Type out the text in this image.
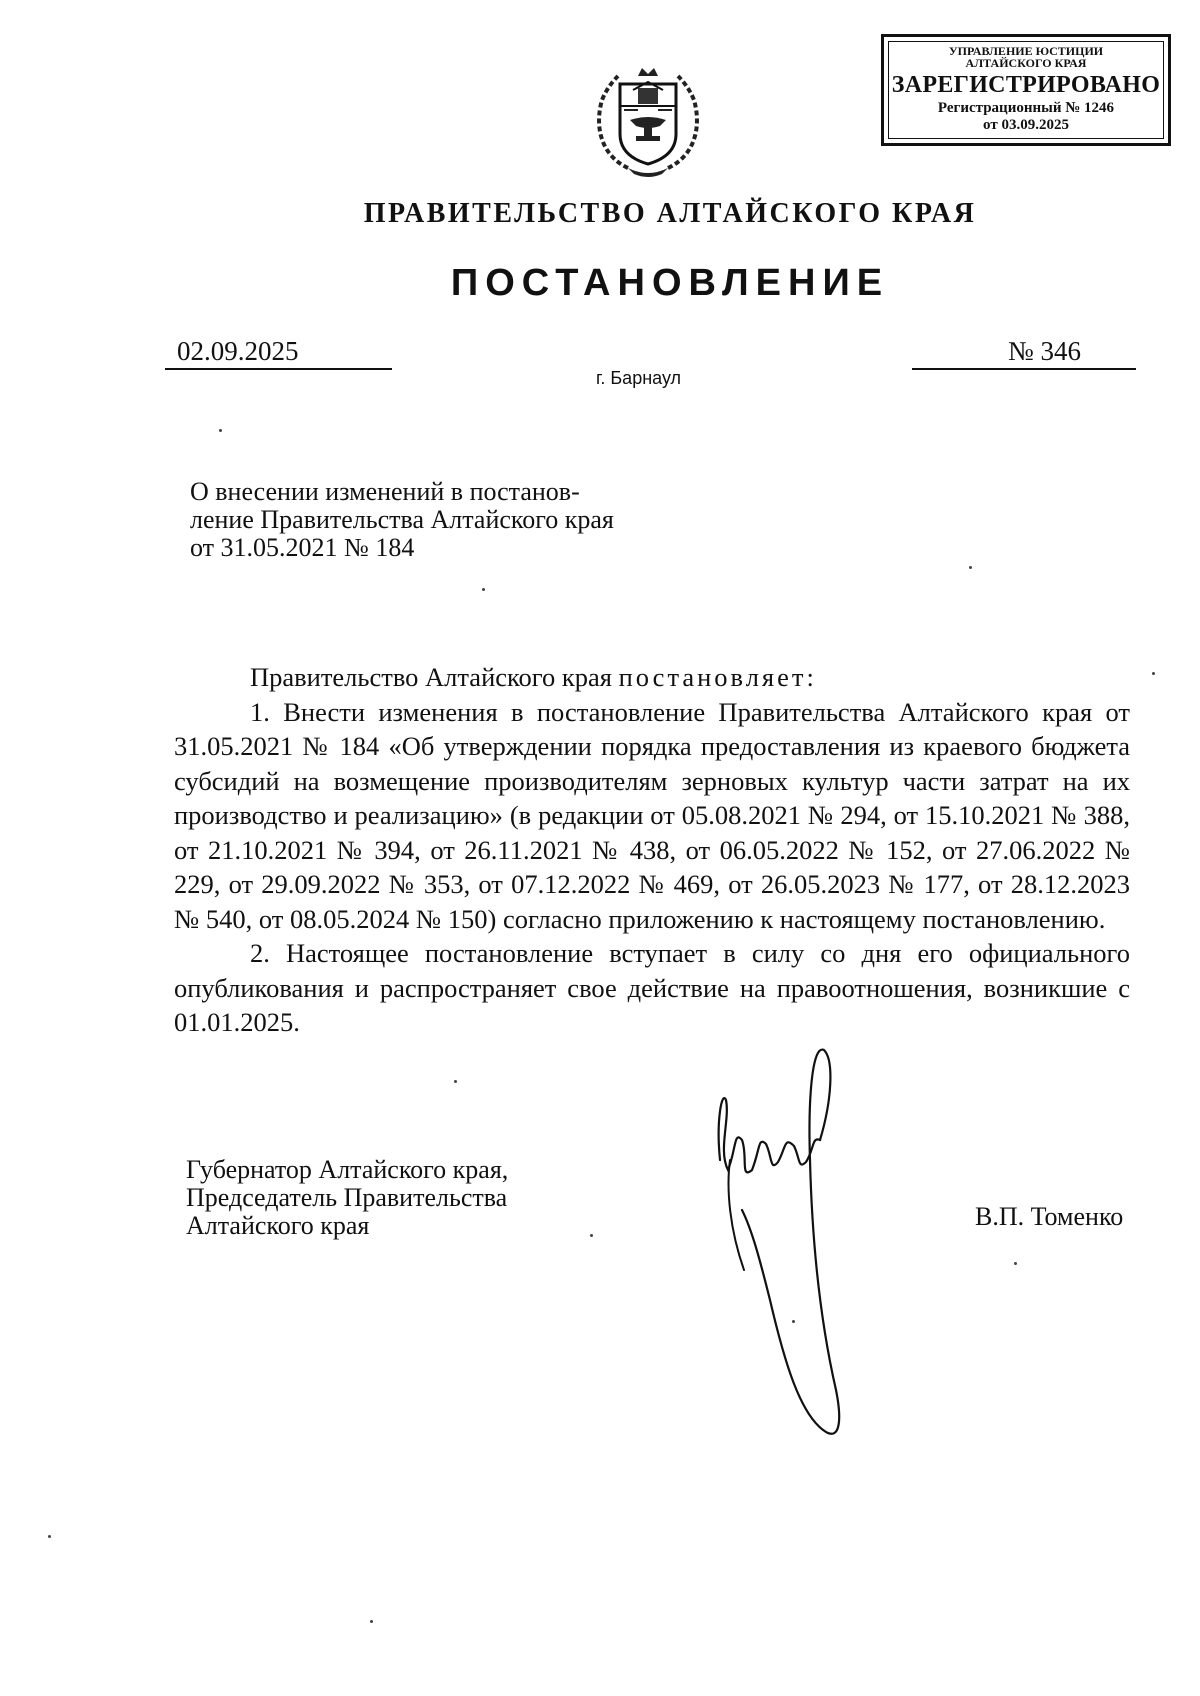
УПРАВЛЕНИЕ ЮСТИЦИИ
АЛТАЙСКОГО КРАЯ
ЗАРЕГИСТРИРОВАНО
Регистрационный № 1246
от 03.09.2025
ПРАВИТЕЛЬСТВО АЛТАЙСКОГО КРАЯ
ПОСТАНОВЛЕНИЕ
02.09.2025	№ 346
г. Барнаул
О внесении изменений в постанов-
ление Правительства Алтайского края
от 31.05.2021 № 184

Правительство Алтайского края постановляет:

1. Внести изменения в постановление Правительства Алтайского края от 31.05.2021 № 184 «Об утверждении порядка предоставления из краевого бюджета субсидий на возмещение производителям зерновых культур части затрат на их производство и реализацию» (в редакции от 05.08.2021 № 294, от 15.10.2021 № 388, от 21.10.2021 № 394, от 26.11.2021 № 438, от 06.05.2022 № 152, от 27.06.2022 № 229, от 29.09.2022 № 353, от 07.12.2022 № 469, от 26.05.2023 № 177, от 28.12.2023 № 540, от 08.05.2024 № 150) согласно приложению к настоящему постановлению.

2. Настоящее постановление вступает в силу со дня его официального опубликования и распространяет свое действие на правоотношения, возникшие с 01.01.2025.

Губернатор Алтайского края,
Председатель Правительства
Алтайского края	В.П. Томенко
